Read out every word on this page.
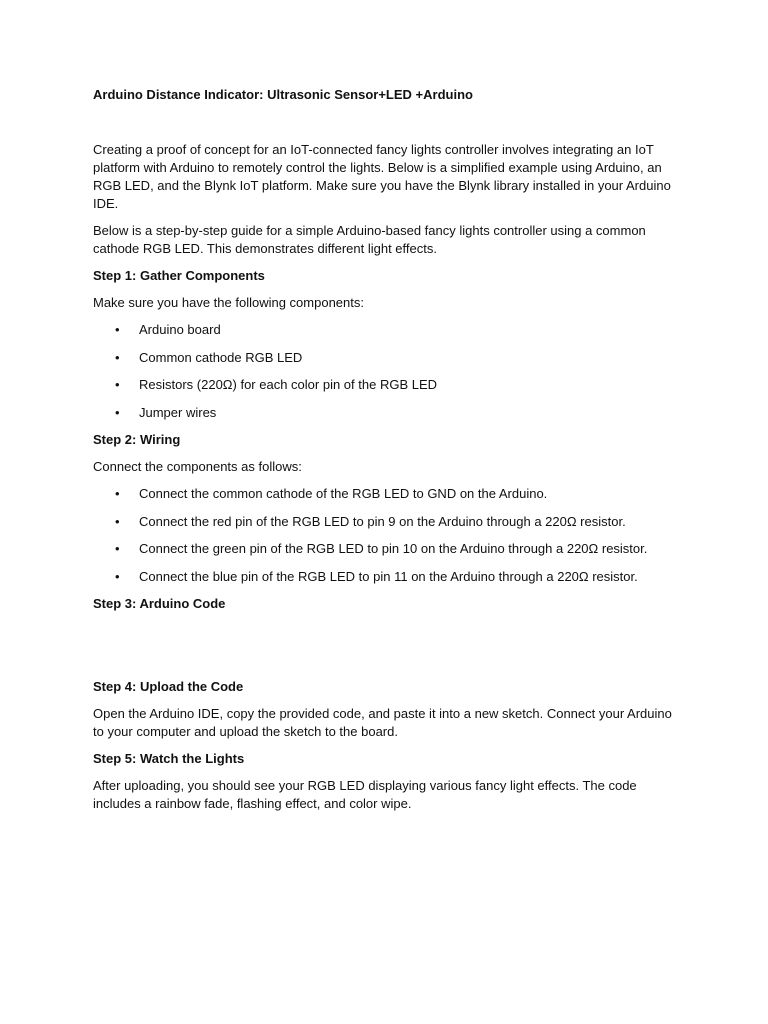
Arduino Distance Indicator: Ultrasonic Sensor+LED +Arduino

Creating a proof of concept for an IoT-connected fancy lights controller involves integrating an IoT platform with Arduino to remotely control the lights. Below is a simplified example using Arduino, an RGB LED, and the Blynk IoT platform. Make sure you have the Blynk library installed in your Arduino IDE.

Below is a step-by-step guide for a simple Arduino-based fancy lights controller using a common cathode RGB LED. This demonstrates different light effects.

Step 1: Gather Components

Make sure you have the following components:

• Arduino board
• Common cathode RGB LED
• Resistors (220Ω) for each color pin of the RGB LED
• Jumper wires
Step 2: Wiring

Connect the components as follows:

• Connect the common cathode of the RGB LED to GND on the Arduino.
• Connect the red pin of the RGB LED to pin 9 on the Arduino through a 220Ω resistor.
• Connect the green pin of the RGB LED to pin 10 on the Arduino through a 220Ω resistor.
• Connect the blue pin of the RGB LED to pin 11 on the Arduino through a 220Ω resistor.
Step 3: Arduino Code
Step 4: Upload the Code

Open the Arduino IDE, copy the provided code, and paste it into a new sketch. Connect your Arduino to your computer and upload the sketch to the board.

Step 5: Watch the Lights

After uploading, you should see your RGB LED displaying various fancy light effects. The code includes a rainbow fade, flashing effect, and color wipe.
